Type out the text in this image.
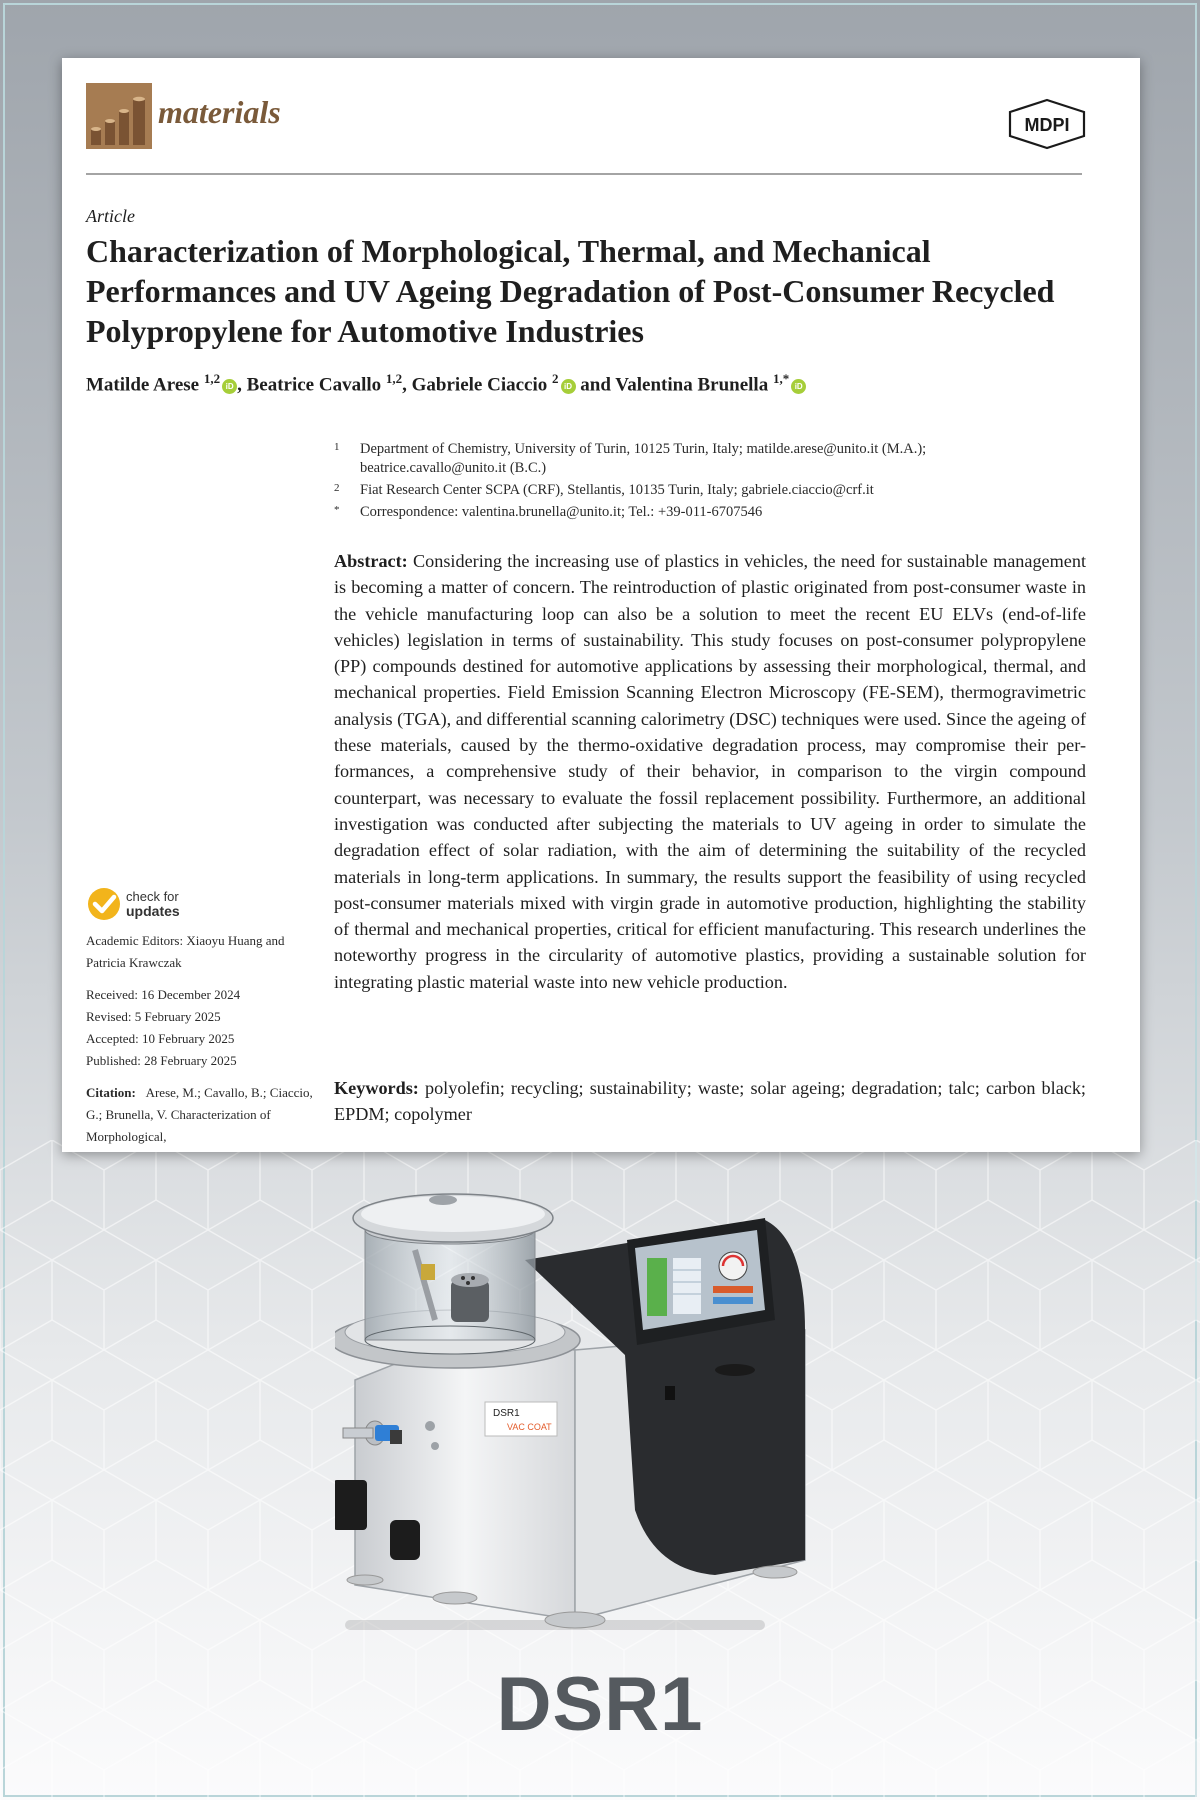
materials	MDPI
Article
Characterization of Morphological, Thermal, and Mechanical Performances and UV Ageing Degradation of Post-Consumer Recycled Polypropylene for Automotive Industries
Matilde Arese $^{1,2}$iD , Beatrice Cavallo $^{1,2}$, Gabriele Ciaccio $^2$iD and Valentina Brunella $^{1,*}$iD
1	Department of Chemistry, University of Turin, 10125 Turin, Italy; matilde.arese@unito.it (M.A.); beatrice.cavallo@unito.it (B.C.)
2	Fiat Research Center SCPA (CRF), Stellantis, 10135 Turin, Italy; gabriele.ciaccio@crf.it
*	Correspondence: valentina.brunella@unito.it; Tel.: +39-011-6707546
Abstract: Considering the increasing use of plastics in vehicles, the need for sustainable management is becoming a matter of concern. The reintroduction of plastic originated from post-consumer waste in the vehicle manufacturing loop can also be a solution to meet the recent EU ELVs (end-of-life vehicles) legislation in terms of sustainability. This study focuses on post-consumer polypropylene (PP) compounds destined for automotive applications by assessing their morphological, thermal, and mechanical properties. Field Emission Scanning Electron Microscopy (FE-SEM), thermogravimetric analysis (TGA), and differential scanning calorimetry (DSC) techniques were used. Since the ageing of these materials, caused by the thermo-oxidative degradation process, may compromise their per-formances, a comprehensive study of their behavior, in comparison to the virgin compound counterpart, was necessary to evaluate the fossil replacement possibility. Furthermore, an additional investigation was conducted after subjecting the materials to UV ageing in order to simulate the degradation effect of solar radiation, with the aim of determining the suitability of the recycled materials in long-term applications. In summary, the results support the feasibility of using recycled post-consumer materials mixed with virgin grade in automotive production, highlighting the stability of thermal and mechanical properties, critical for efficient manufacturing. This research underlines the noteworthy progress in the circularity of automotive plastics, providing a sustainable solution for integrating plastic material waste into new vehicle production.
Keywords: polyolefin; recycling; sustainability; waste; solar ageing; degradation; talc; carbon black; EPDM; copolymer
check for
updates
Academic Editors: Xiaoyu Huang and Patricia Krawczak
Received: 16 December 2024
Revised: 5 February 2025
Accepted: 10 February 2025
Published: 28 February 2025
Citation: Arese, M.; Cavallo, B.; Ciaccio, G.; Brunella, V. Characterization of Morphological,
DSR1
VAC COAT
DSR1
